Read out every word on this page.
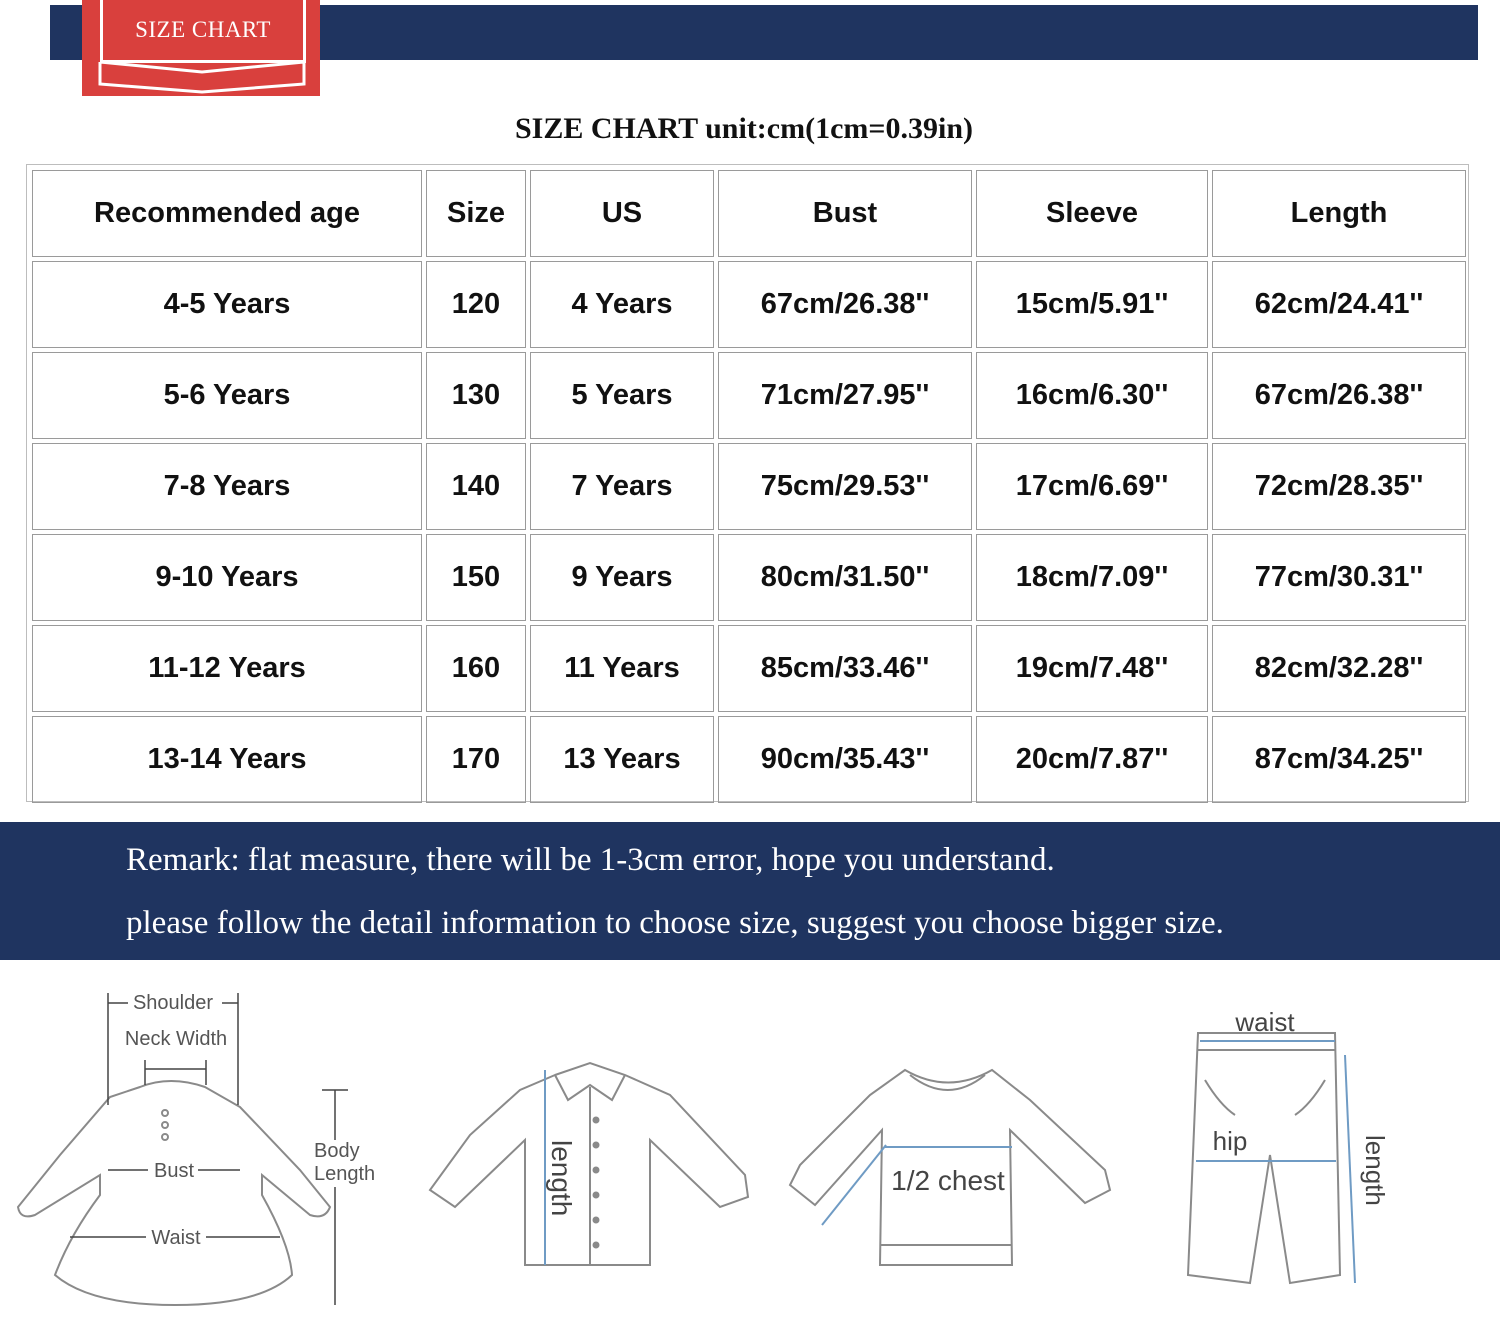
SIZE CHART
SIZE CHART unit:cm(1cm=0.39in)
Recommended age	Size	US	Bust	Sleeve	Length
4-5 Years	120	4 Years	67cm/26.38''	15cm/5.91''	62cm/24.41''
5-6 Years	130	5 Years	71cm/27.95''	16cm/6.30''	67cm/26.38''
7-8 Years	140	7 Years	75cm/29.53''	17cm/6.69''	72cm/28.35''
9-10 Years	150	9 Years	80cm/31.50''	18cm/7.09''	77cm/30.31''
11-12 Years	160	11 Years	85cm/33.46''	19cm/7.48''	82cm/32.28''
13-14 Years	170	13 Years	90cm/35.43''	20cm/7.87''	87cm/34.25''
Remark: flat measure, there will be 1-3cm error, hope you understand.
please follow the detail information to choose size, suggest you choose bigger size.
Shoulder
Neck Width
Bust
Waist
Body
Length	length	1/2 chest
waist
hip	length
